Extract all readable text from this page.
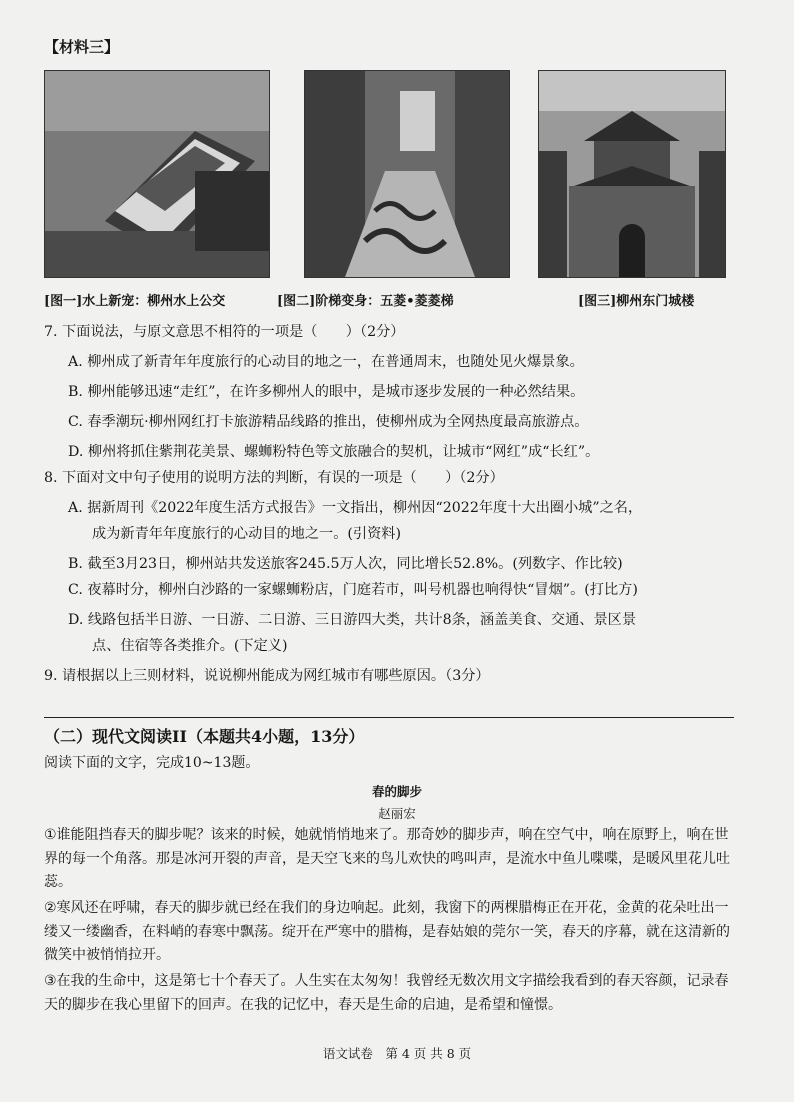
【材料三】
[图一]水上新宠：柳州水上公交	[图二]阶梯变身：五菱•菱菱梯	[图三]柳州东门城楼
7. 下面说法，与原文意思不相符的一项是（　　）（2分）
A. 柳州成了新青年年度旅行的心动目的地之一，在普通周末，也随处见火爆景象。
B. 柳州能够迅速“走红”，在许多柳州人的眼中，是城市逐步发展的一种必然结果。
C. 春季潮玩·柳州网红打卡旅游精品线路的推出，使柳州成为全网热度最高旅游点。
D. 柳州将抓住紫荆花美景、螺蛳粉特色等文旅融合的契机，让城市“网红”成“长红”。
8. 下面对文中句子使用的说明方法的判断，有误的一项是（　　）（2分）
A. 据新周刊《2022年度生活方式报告》一文指出，柳州因“2022年度十大出圈小城”之名，
成为新青年年度旅行的心动目的地之一。(引资料)
B. 截至3月23日，柳州站共发送旅客245.5万人次，同比增长52.8%。(列数字、作比较)
C. 夜幕时分，柳州白沙路的一家螺蛳粉店，门庭若市，叫号机器也响得快“冒烟”。(打比方)
D. 线路包括半日游、一日游、二日游、三日游四大类，共计8条，涵盖美食、交通、景区景
点、住宿等各类推介。(下定义)
9. 请根据以上三则材料，说说柳州能成为网红城市有哪些原因。（3分）
（二）现代文阅读II（本题共4小题，13分）
阅读下面的文字，完成10~13题。
春的脚步
赵丽宏

①谁能阻挡春天的脚步呢？该来的时候，她就悄悄地来了。那奇妙的脚步声，响在空气中，响在原野上，响在世界的每一个角落。那是冰河开裂的声音，是天空飞来的鸟儿欢快的鸣叫声，是流水中鱼儿喋喋，是暖风里花儿吐蕊。

②寒风还在呼啸，春天的脚步就已经在我们的身边响起。此刻，我窗下的两棵腊梅正在开花，金黄的花朵吐出一缕又一缕幽香，在料峭的春寒中飘荡。绽开在严寒中的腊梅，是春姑娘的莞尔一笑，春天的序幕，就在这清新的微笑中被悄悄拉开。

③在我的生命中，这是第七十个春天了。人生实在太匆匆！我曾经无数次用文字描绘我看到的春天容颜，记录春天的脚步在我心里留下的回声。在我的记忆中，春天是生命的启迪，是希望和憧憬。

语文试卷　第 4 页 共 8 页
